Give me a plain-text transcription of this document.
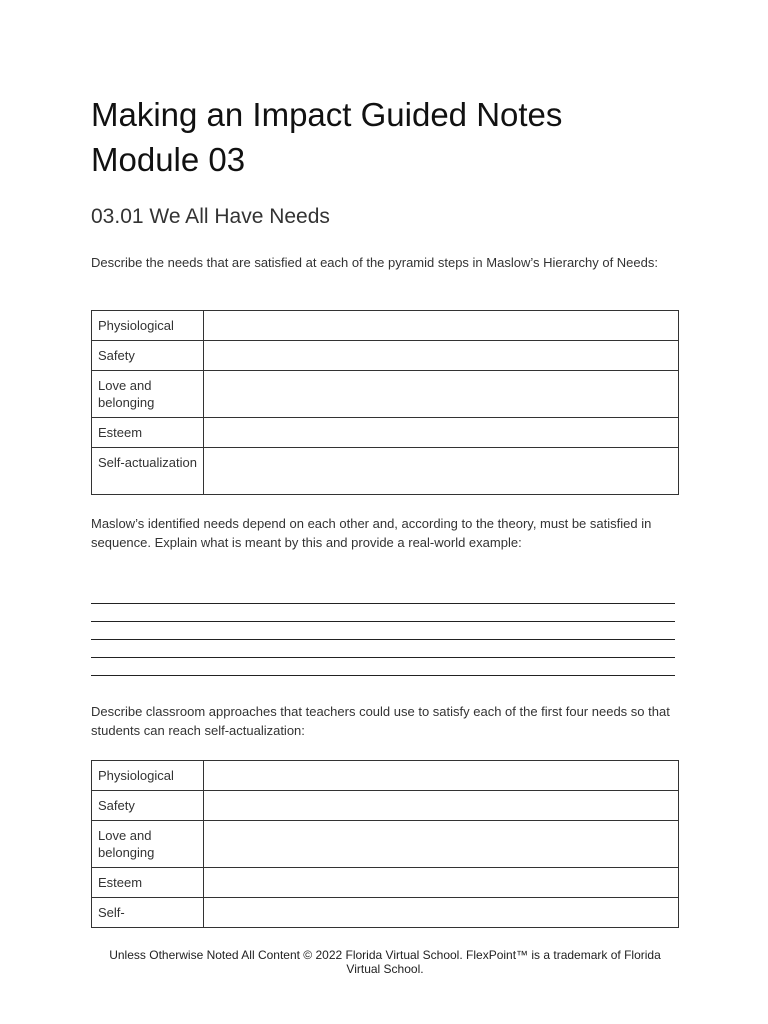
Making an Impact Guided Notes
Module 03
03.01 We All Have Needs

Describe the needs that are satisfied at each of the pyramid steps in Maslow’s Hierarchy of Needs:

Physiological	
Safety	
Love and belonging	
Esteem	
Self-actualization	

Maslow’s identified needs depend on each other and, according to the theory, must be satisfied in sequence. Explain what is meant by this and provide a real-world example:

Describe classroom approaches that teachers could use to satisfy each of the first four needs so that students can reach self-actualization:

Physiological	
Safety	
Love and belonging	
Esteem	
Self-	
Unless Otherwise Noted All Content © 2022 Florida Virtual School. FlexPoint™ is a trademark of Florida Virtual School.
